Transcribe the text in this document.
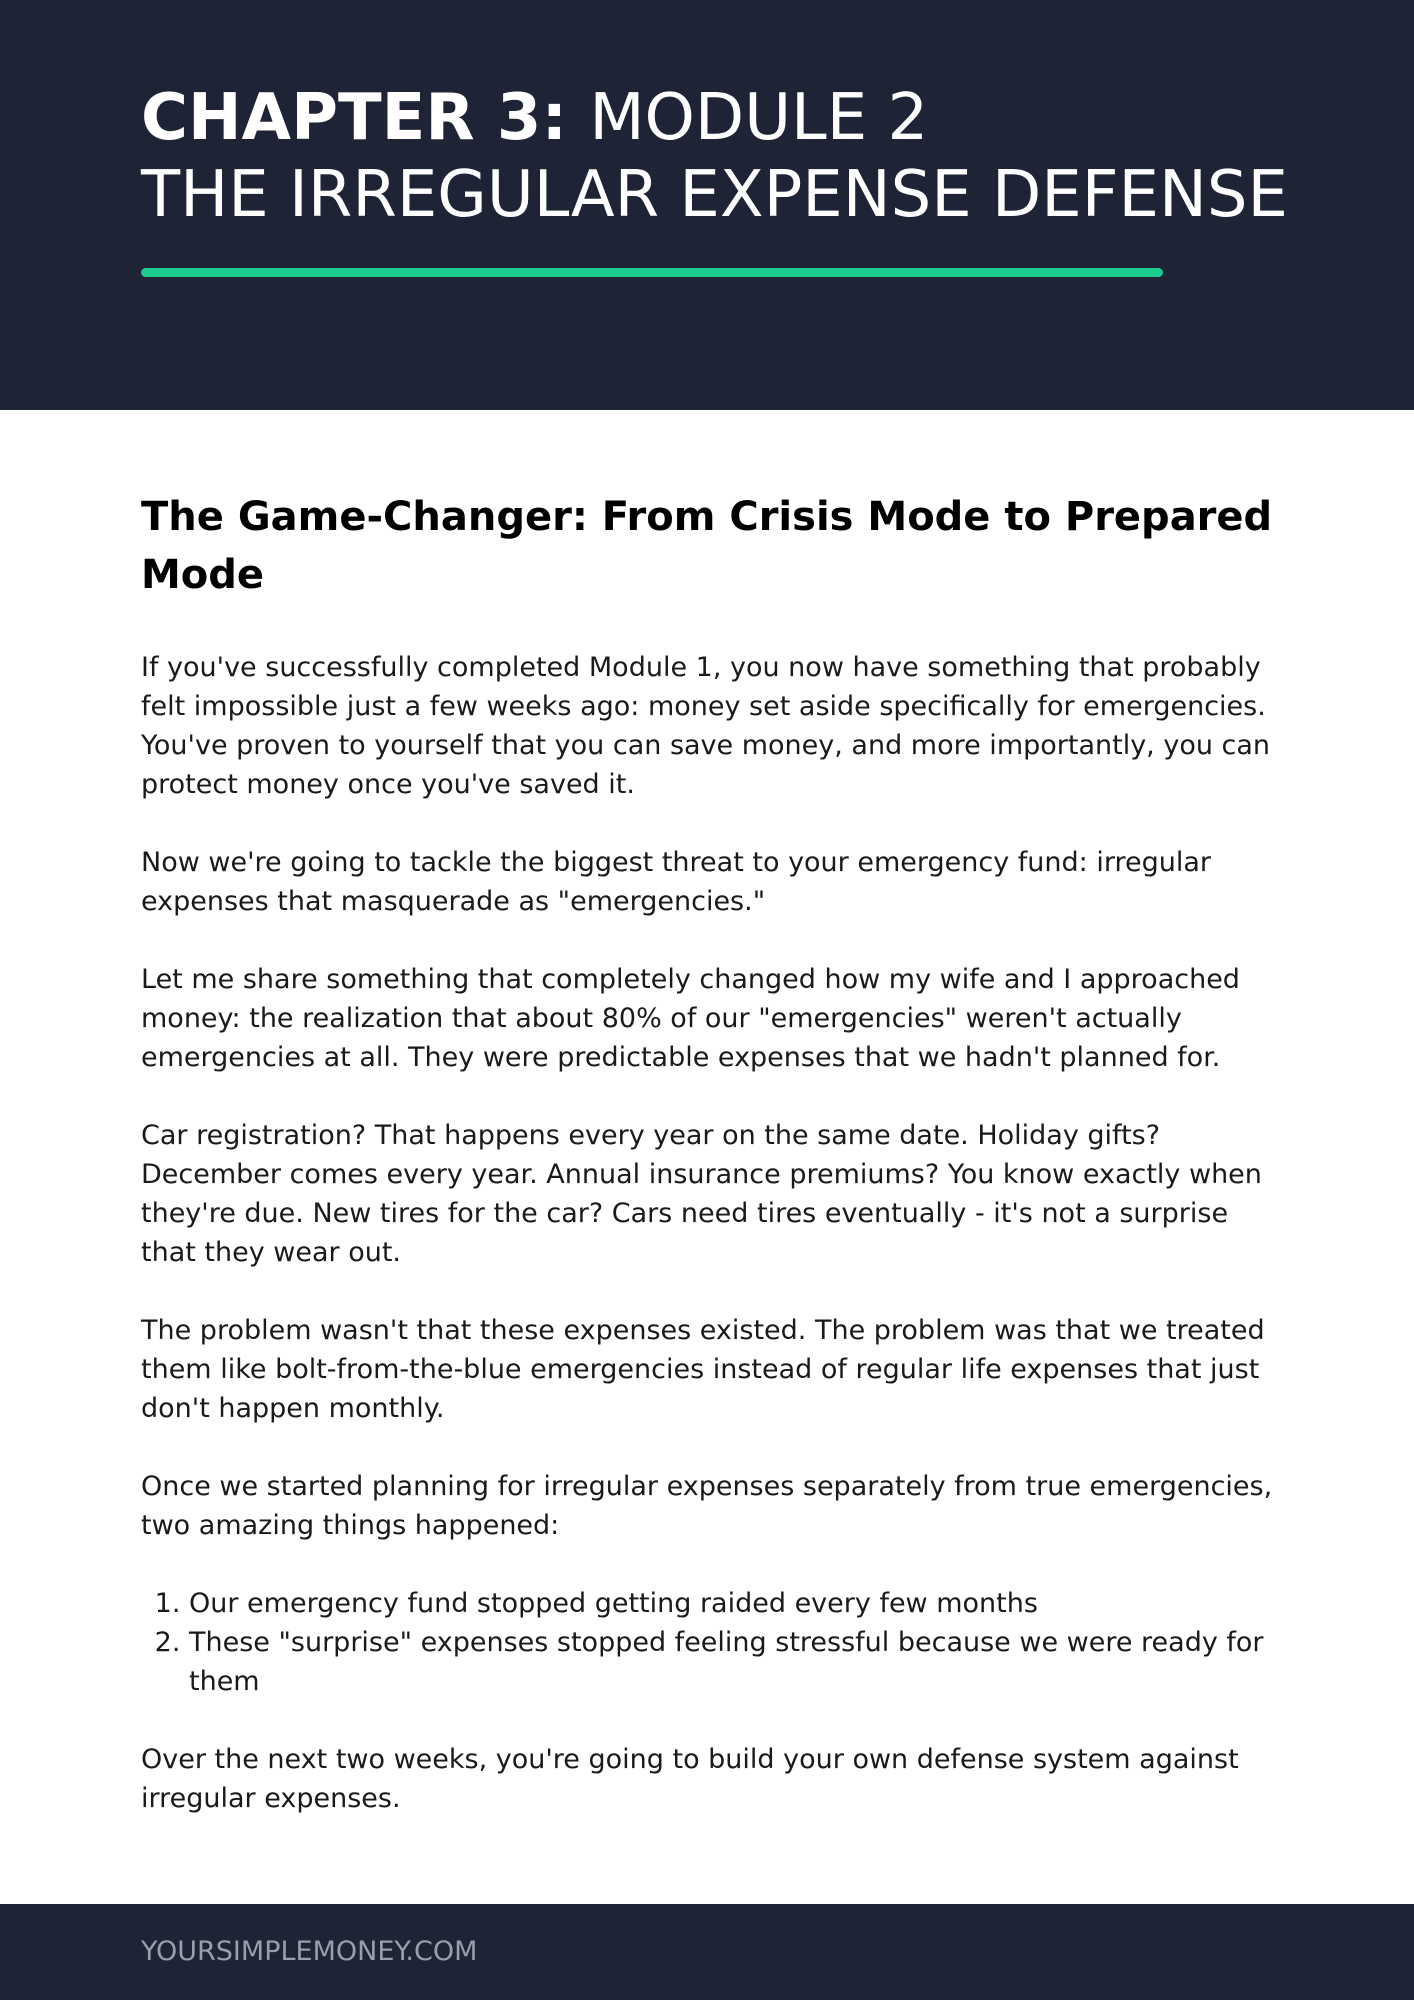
CHAPTER 3: MODULE 2
THE IRREGULAR EXPENSE DEFENSE
The Game-Changer: From Crisis Mode to Prepared Mode

If you've successfully completed Module 1, you now have something that probably felt impossible just a few weeks ago: money set aside specifically for emergencies. You've proven to yourself that you can save money, and more importantly, you can protect money once you've saved it.

Now we're going to tackle the biggest threat to your emergency fund: irregular expenses that masquerade as "emergencies."

Let me share something that completely changed how my wife and I approached money: the realization that about 80% of our "emergencies" weren't actually emergencies at all. They were predictable expenses that we hadn't planned for.

Car registration? That happens every year on the same date. Holiday gifts? December comes every year. Annual insurance premiums? You know exactly when they're due. New tires for the car? Cars need tires eventually - it's not a surprise that they wear out.

The problem wasn't that these expenses existed. The problem was that we treated them like bolt-from-the-blue emergencies instead of regular life expenses that just don't happen monthly.

Once we started planning for irregular expenses separately from true emergencies, two amazing things happened:

1. Our emergency fund stopped getting raided every few months
2. These "surprise" expenses stopped feeling stressful because we were ready for them

Over the next two weeks, you're going to build your own defense system against irregular expenses.

YOURSIMPLEMONEY.COM
